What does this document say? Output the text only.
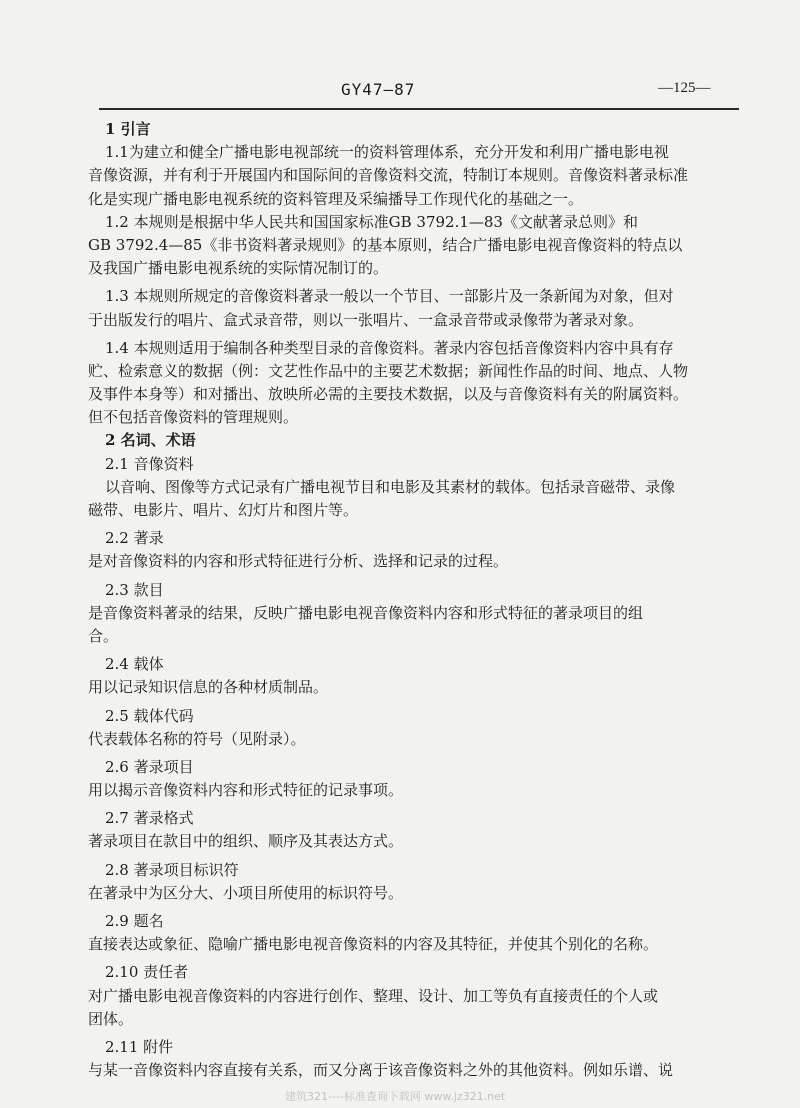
GY47—87	—125—
1 引言
1.1为建立和健全广播电影电视部统一的资料管理体系，充分开发和利用广播电影电视
音像资源，并有利于开展国内和国际间的音像资料交流，特制订本规则。音像资料著录标准
化是实现广播电影电视系统的资料管理及采编播导工作现代化的基础之一。
1.2 本规则是根据中华人民共和国国家标准GB 3792.1—83《文献著录总则》和
GB 3792.4—85《非书资料著录规则》的基本原则，结合广播电影电视音像资料的特点以
及我国广播电影电视系统的实际情况制订的。
1.3 本规则所规定的音像资料著录一般以一个节目、一部影片及一条新闻为对象，但对
于出版发行的唱片、盒式录音带，则以一张唱片、一盒录音带或录像带为著录对象。
1.4 本规则适用于编制各种类型目录的音像资料。著录内容包括音像资料内容中具有存
贮、检索意义的数据（例：文艺性作品中的主要艺术数据；新闻性作品的时间、地点、人物
及事件本身等）和对播出、放映所必需的主要技术数据，以及与音像资料有关的附属资料。
但不包括音像资料的管理规则。
2 名词、术语
2.1 音像资料
以音响、图像等方式记录有广播电视节目和电影及其素材的载体。包括录音磁带、录像
磁带、电影片、唱片、幻灯片和图片等。
2.2 著录
是对音像资料的内容和形式特征进行分析、选择和记录的过程。
2.3 款目
是音像资料著录的结果，反映广播电影电视音像资料内容和形式特征的著录项目的组
合。
2.4 载体
用以记录知识信息的各种材质制品。
2.5 载体代码
代表载体名称的符号（见附录）。
2.6 著录项目
用以揭示音像资料内容和形式特征的记录事项。
2.7 著录格式
著录项目在款目中的组织、顺序及其表达方式。
2.8 著录项目标识符
在著录中为区分大、小项目所使用的标识符号。
2.9 题名
直接表达或象征、隐喻广播电影电视音像资料的内容及其特征，并使其个别化的名称。
2.10 责任者
对广播电影电视音像资料的内容进行创作、整理、设计、加工等负有直接责任的个人或
团体。
2.11 附件
与某一音像资料内容直接有关系，而又分离于该音像资料之外的其他资料。例如乐谱、说
建筑321----标准查询下载网 www.jz321.net
